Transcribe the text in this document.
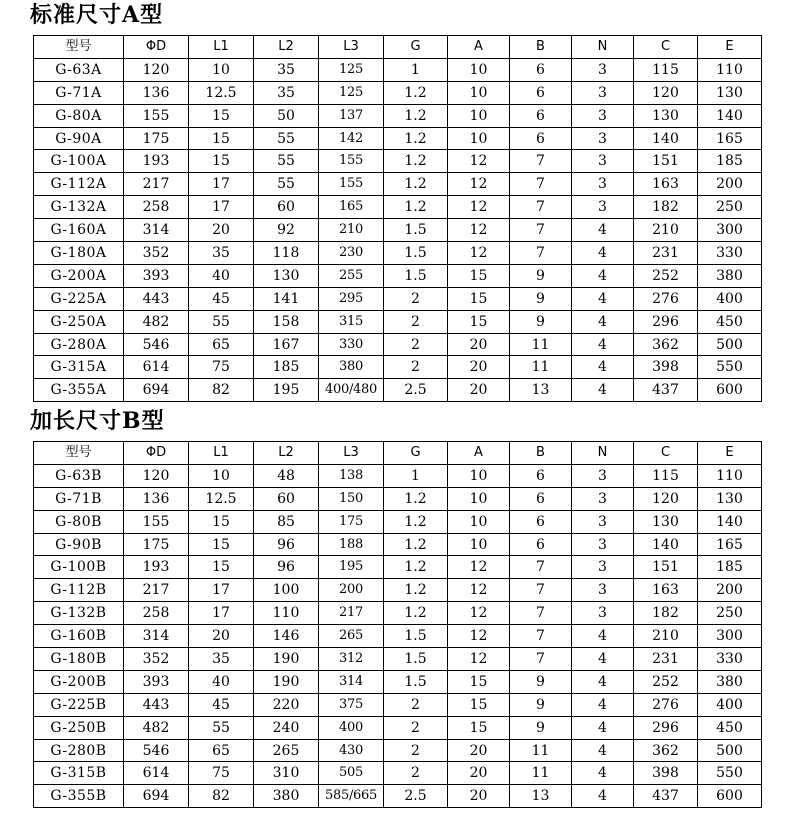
标准尺寸A型
型号	ΦD	L1	L2	L3	G	A	B	N	C	E
G-63A	120	10	35	125	1	10	6	3	115	110
G-71A	136	12.5	35	125	1.2	10	6	3	120	130
G-80A	155	15	50	137	1.2	10	6	3	130	140
G-90A	175	15	55	142	1.2	10	6	3	140	165
G-100A	193	15	55	155	1.2	12	7	3	151	185
G-112A	217	17	55	155	1.2	12	7	3	163	200
G-132A	258	17	60	165	1.2	12	7	3	182	250
G-160A	314	20	92	210	1.5	12	7	4	210	300
G-180A	352	35	118	230	1.5	12	7	4	231	330
G-200A	393	40	130	255	1.5	15	9	4	252	380
G-225A	443	45	141	295	2	15	9	4	276	400
G-250A	482	55	158	315	2	15	9	4	296	450
G-280A	546	65	167	330	2	20	11	4	362	500
G-315A	614	75	185	380	2	20	11	4	398	550
G-355A	694	82	195	400/480	2.5	20	13	4	437	600
加长尺寸B型
型号	ΦD	L1	L2	L3	G	A	B	N	C	E
G-63B	120	10	48	138	1	10	6	3	115	110
G-71B	136	12.5	60	150	1.2	10	6	3	120	130
G-80B	155	15	85	175	1.2	10	6	3	130	140
G-90B	175	15	96	188	1.2	10	6	3	140	165
G-100B	193	15	96	195	1.2	12	7	3	151	185
G-112B	217	17	100	200	1.2	12	7	3	163	200
G-132B	258	17	110	217	1.2	12	7	3	182	250
G-160B	314	20	146	265	1.5	12	7	4	210	300
G-180B	352	35	190	312	1.5	12	7	4	231	330
G-200B	393	40	190	314	1.5	15	9	4	252	380
G-225B	443	45	220	375	2	15	9	4	276	400
G-250B	482	55	240	400	2	15	9	4	296	450
G-280B	546	65	265	430	2	20	11	4	362	500
G-315B	614	75	310	505	2	20	11	4	398	550
G-355B	694	82	380	585/665	2.5	20	13	4	437	600
